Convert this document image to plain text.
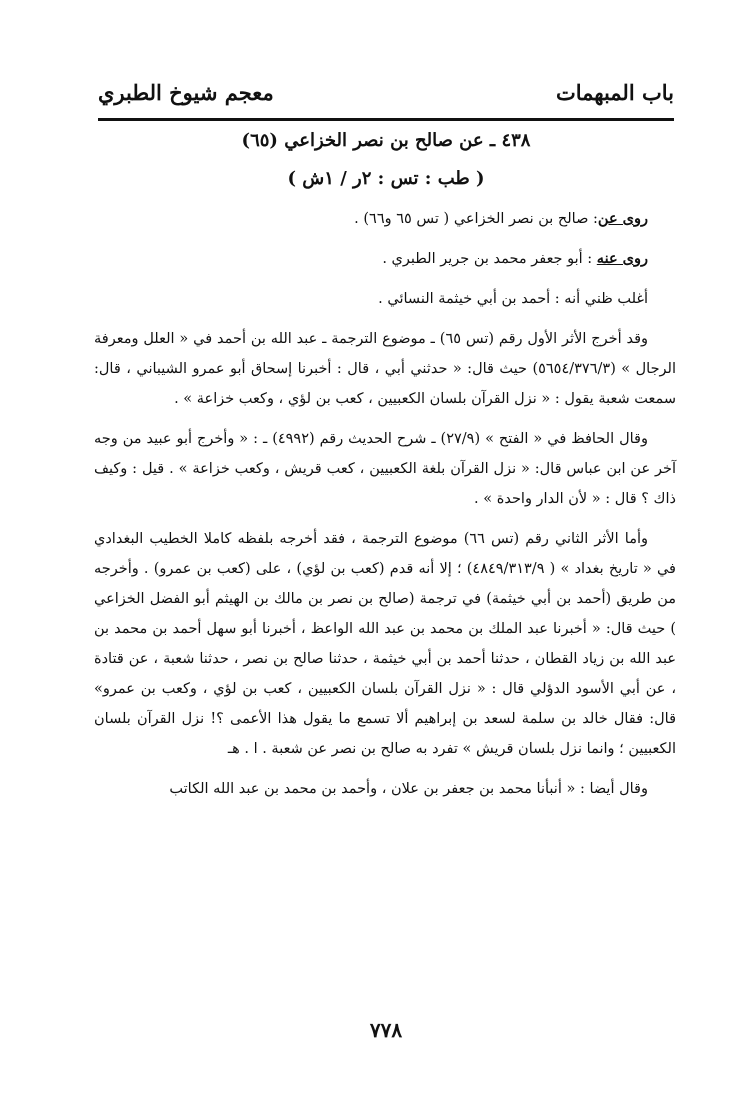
باب المبهمات
معجم شيوخ الطبري
٤٣٨ ـ عن صالح بن نصر الخزاعي (٦٥)
( طب : تس : ٢ر / ١ش )

روى عن: صالح بن نصر الخزاعي ( تس ٦٥ و٦٦) .

روى عنه : أبو جعفر محمد بن جرير الطبري .

أغلب ظني أنه : أحمد بن أبي خيثمة النسائي .

وقد أخرج الأثر الأول رقم (تس ٦٥) ـ موضوع الترجمة ـ عبد الله بن أحمد في « العلل ومعرفة الرجال » (٥٦٥٤/٣٧٦/٣) حيث قال: « حدثني أبي ، قال : أخبرنا إسحاق أبو عمرو الشيباني ، قال: سمعت شعبة يقول : « نزل القرآن بلسان الكعبيين ، كعب بن لؤي ، وكعب خزاعة » .

وقال الحافظ في « الفتح » (٢٧/٩) ـ شرح الحديث رقم (٤٩٩٢) ـ : « وأخرج أبو عبيد من وجه آخر عن ابن عباس قال: « نزل القرآن بلغة الكعبيين ، كعب قريش ، وكعب خزاعة » . قيل : وكيف ذاك ؟ قال : « لأن الدار واحدة » .

وأما الأثر الثاني رقم (تس ٦٦) موضوع الترجمة ، فقد أخرجه بلفظه كاملا الخطيب البغدادي في « تاريخ بغداد » ( ٤٨٤٩/٣١٣/٩) ؛ إلا أنه قدم (كعب بن لؤي) ، على (كعب بن عمرو) . وأخرجه من طريق (أحمد بن أبي خيثمة) في ترجمة (صالح بن نصر بن مالك بن الهيثم أبو الفضل الخزاعي ) حيث قال: « أخبرنا عبد الملك بن محمد بن عبد الله الواعظ ، أخبرنا أبو سهل أحمد بن محمد بن عبد الله بن زياد القطان ، حدثنا أحمد بن أبي خيثمة ، حدثنا صالح بن نصر ، حدثنا شعبة ، عن قتادة ، عن أبي الأسود الدؤلي قال : « نزل القرآن بلسان الكعبيين ، كعب بن لؤي ، وكعب بن عمرو» قال: فقال خالد بن سلمة لسعد بن إبراهيم ألا تسمع ما يقول هذا الأعمى ؟! نزل القرآن بلسان الكعبيين ؛ وانما نزل بلسان قريش » تفرد به صالح بن نصر عن شعبة . ا . هـ

وقال أيضا : « أنبأنا محمد بن جعفر بن علان ، وأحمد بن محمد بن عبد الله الكاتب

٧٧٨
